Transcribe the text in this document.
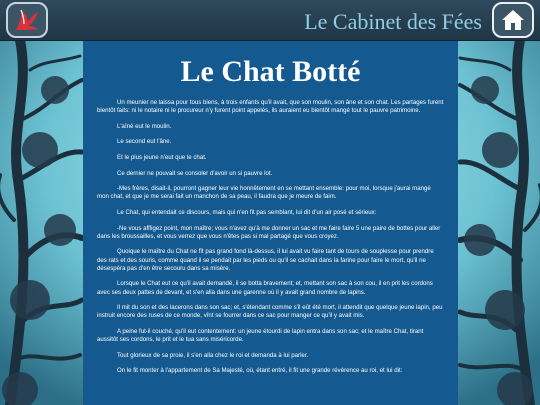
Le Cabinet des Fées
Le Chat Botté

Un meunier ne laissa pour tous biens, à trois enfants qu'il avait, que son moulin, son âne et son chat. Les partages furent bientôt faits: ni le notaire ni le procureur n'y furent point appelés, ils auraient eu bientôt mangé tout le pauvre patrimoine.

L'aîné eut le moulin.

Le second eut l'âne.

Et le plus jeune n'eut que le chat.

Ce dernier ne pouvait se consoler d'avoir un si pauvre lot.

-Mes frères, disait-il, pourront gagner leur vie honnêtement en se mettant ensemble: pour moi, lorsque j'aurai mangé mon chat, et que je me serai fait un manchon de sa peau, il faudra que je meure de faim.

Le Chat, qui entendait ce discours, mais qui n'en fit pas semblant, lui dit d'un air posé et sérieux:

-Ne vous affligez point, mon maître; vous n'avez qu'à me donner un sac et me faire faire 5 une paire de bottes pour aller dans les broussailles, et vous verrez que vous n'êtes pas si mal partagé que vous croyez.

Quoique le maître du Chat ne fît pas grand fond là-dessus, il lui avait vu faire tant de tours de souplesse pour prendre des rats et des souris, comme quand il se pendait par les pieds ou qu'il se cachait dans la farine pour faire le mort, qu'il ne désespéra pas d'en être secouru dans sa misère.

Lorsque le Chat eut ce qu'il avait demandé, il se botta bravement; et, mettant son sac à son cou, il en prit les cordons avec ses deux pattes de devant, et s'en alla dans une garenne où il y avait grand nombre de lapins.

Il mit du son et des lacerons dans son sac; et, s'étendant comme s'il eût été mort, il attendit que quelque jeune lapin, peu instruit encore des ruses de ce monde, vînt se fourrer dans ce sac pour manger ce qu'il y avait mis.

A peine fut-il couché, qu'il eut contentement: un jeune étourdi de lapin entra dans son sac; et le maître Chat, tirant aussitôt ses cordons, le prit et le tua sans miséricorde.

Tout glorieux de sa proie, il s'en alla chez le roi et demanda à lui parler.

On le fit monter à l'appartement de Sa Majesté, où, étant entré, il fit une grande révérence au roi, et lui dit:
